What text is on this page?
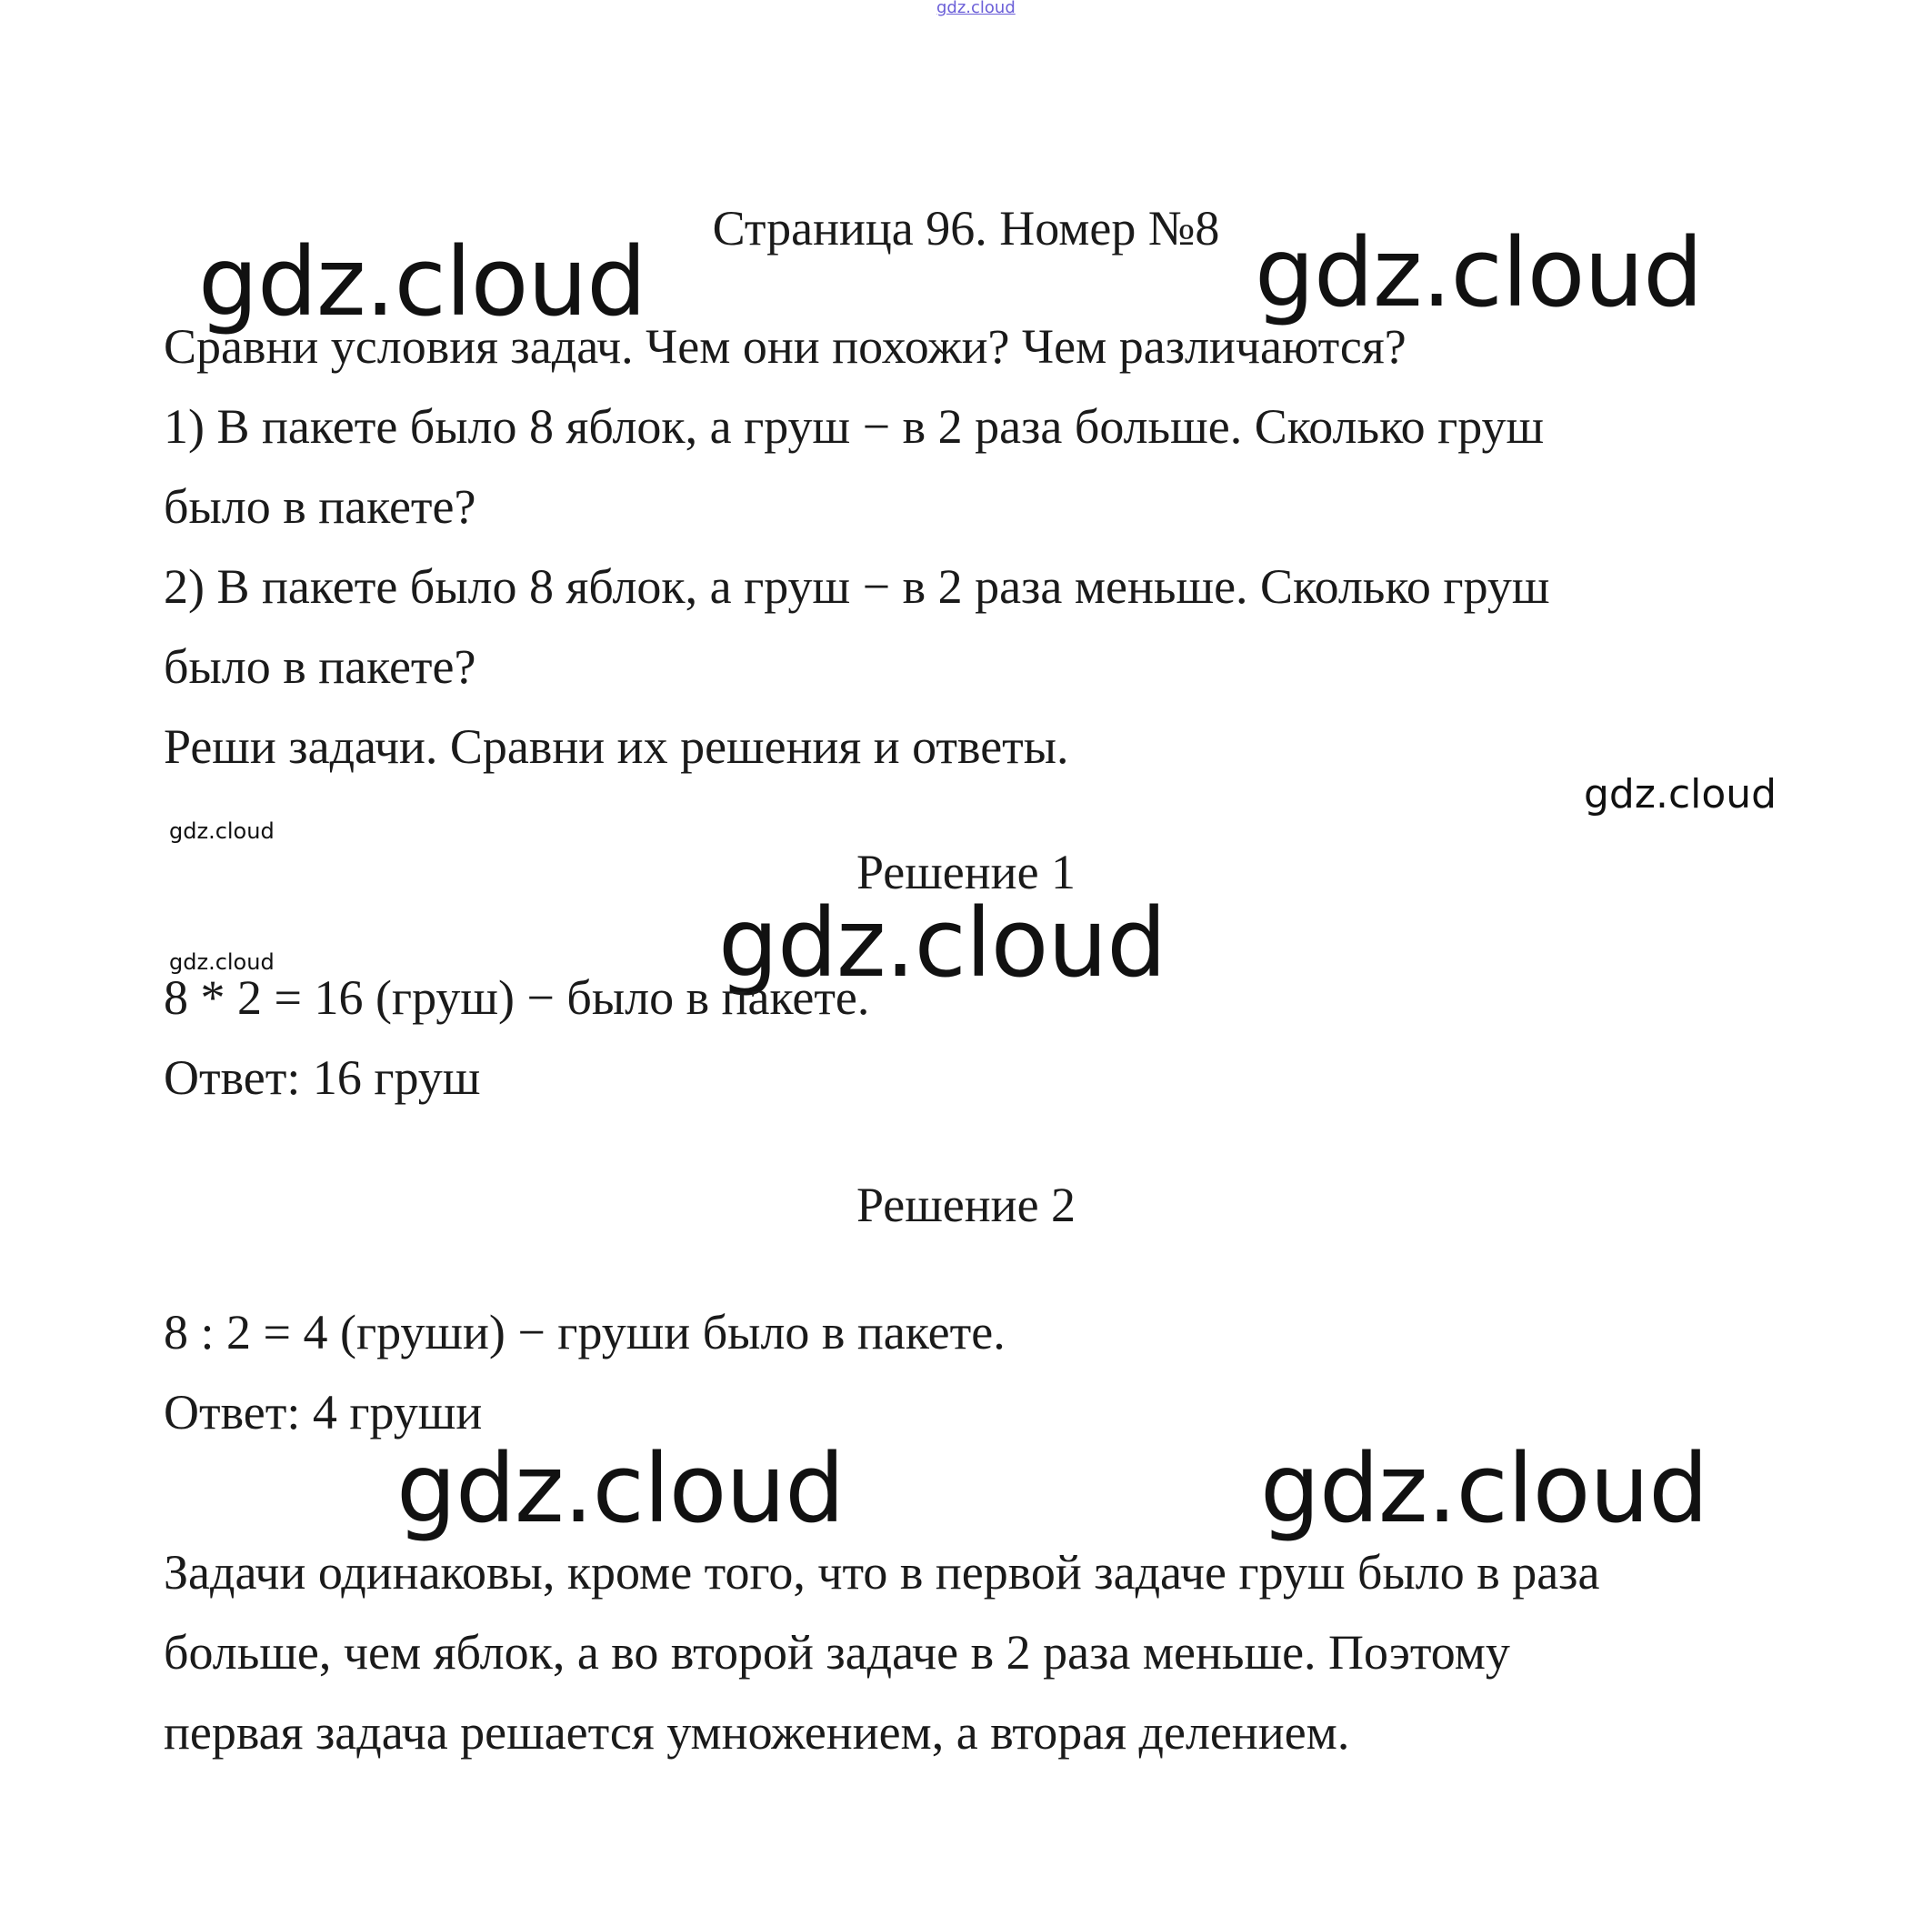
gdz.cloud
gdz.cloud	gdz.cloud
gdz.cloud
gdz.cloud
gdz.cloud
gdz.cloud
gdz.cloud	gdz.cloud
Страница 96. Номер №8
Сравни условия задач. Чем они похожи? Чем различаются?
1) В пакете было 8 яблок, а груш − в 2 раза больше. Сколько груш
было в пакете?
2) В пакете было 8 яблок, а груш − в 2 раза меньше. Сколько груш
было в пакете?
Реши задачи. Сравни их решения и ответы.
Решение 1
8 * 2 = 16 (груш) − было в пакете.
Ответ: 16 груш
Решение 2
8 : 2 = 4 (груши) − груши было в пакете.
Ответ: 4 груши
Задачи одинаковы, кроме того, что в первой задаче груш было в раза
больше, чем яблок, а во второй задаче в 2 раза меньше. Поэтому
первая задача решается умножением, а вторая делением.
